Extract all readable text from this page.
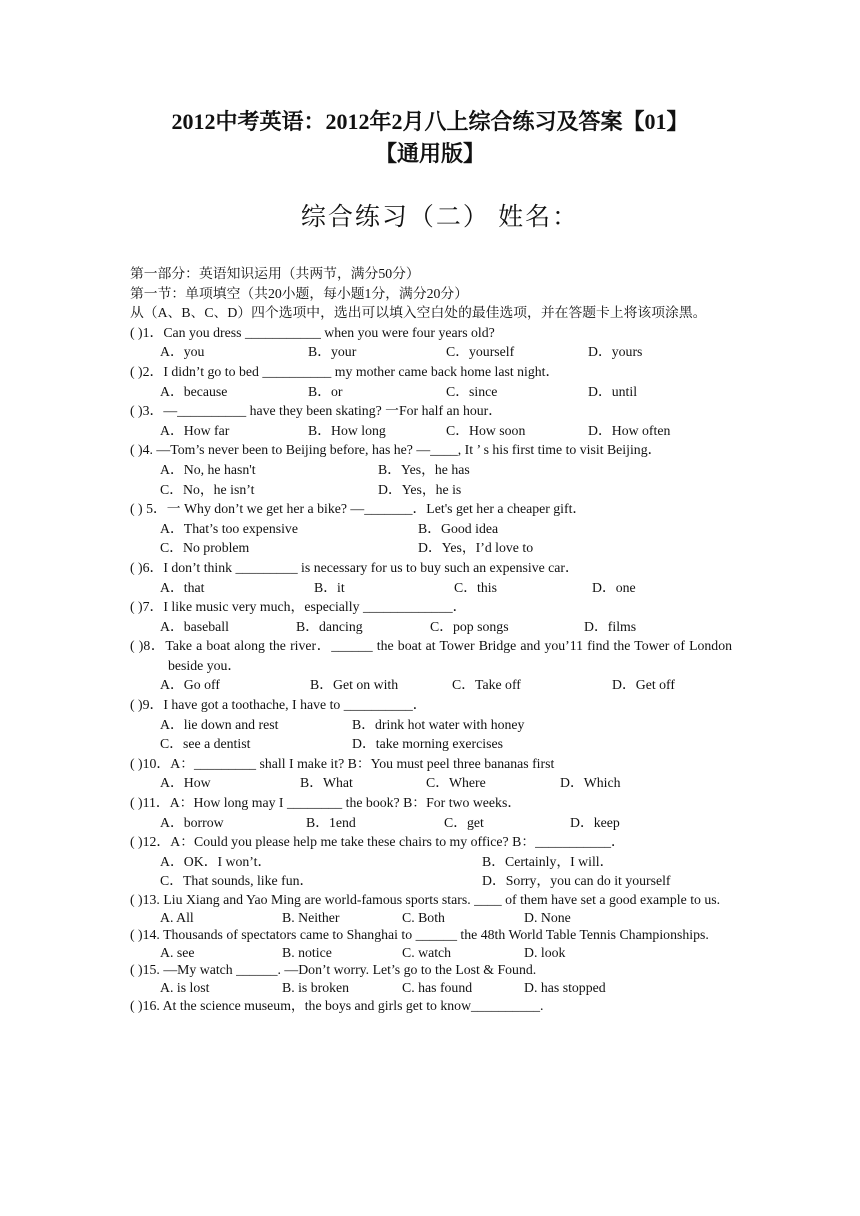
2012中考英语：2012年2月八上综合练习及答案【01】
【通用版】
综合练习（二） 姓名：
第一部分：英语知识运用（共两节，满分50分）
第一节：单项填空（共20小题，每小题1分，满分20分）
从（A、B、C、D）四个选项中，选出可以填入空白处的最佳选项，并在答题卡上将该项涂黑。
( )1．Can you dress ___________ when you were four years old?
A．you	B．your	C．yourself	D．yours
( )2．I didn’t go to bed __________ my mother came back home last night．
A．because	B．or	C．since	D．until
( )3．—__________ have they been skating? 一For half an hour．
A．How far	B．How long	C．How soon	D．How often
( )4. —Tom’s never been to Beijing before, has he? —____, It ’ s his first time to visit Beijing．
A．No, he hasn't	B．Yes，he has
C．No，he isn’t	D．Yes，he is
( ) 5．一 Why don’t we get her a bike? —_______．Let's get her a cheaper gift．
A．That’s too expensive	B．Good idea
C．No problem	D．Yes，I’d love to
( )6．I don’t think _________ is necessary for us to buy such an expensive car．
A．that	B．it	C．this	D．one
( )7．I like music very much，especially _____________．
A．baseball	B．dancing	C．pop songs	D．films
( )8．Take a boat along the river．______ the boat at Tower Bridge and you’11 find the Tower of London beside you．
A．Go off	B．Get on with	C．Take off	D．Get off
( )9．I have got a toothache, I have to __________．
A．lie down and rest	B．drink hot water with honey
C．see a dentist	D．take morning exercises
( )10．A：_________ shall I make it? B：You must peel three bananas first
A．How	B．What	C．Where	D．Which
( )11．A：How long may I ________ the book? B：For two weeks．
A．borrow	B．1end	C．get	D．keep
( )12．A：Could you please help me take these chairs to my office? B：___________．
A．OK．I won’t．	B．Certainly，I will．
C．That sounds, like fun．	D．Sorry，you can do it yourself
( )13. Liu Xiang and Yao Ming are world-famous sports stars. ____ of them have set a good example to us.
A. All	B. Neither	C. Both	D. None
( )14. Thousands of spectators came to Shanghai to ______ the 48th World Table Tennis Championships.
A. see	B. notice	C. watch	D. look
( )15. —My watch ______. —Don’t worry. Let’s go to the Lost & Found.
A. is lost	B. is broken	C. has found	D. has stopped
( )16. At the science museum，the boys and girls get to know__________.
